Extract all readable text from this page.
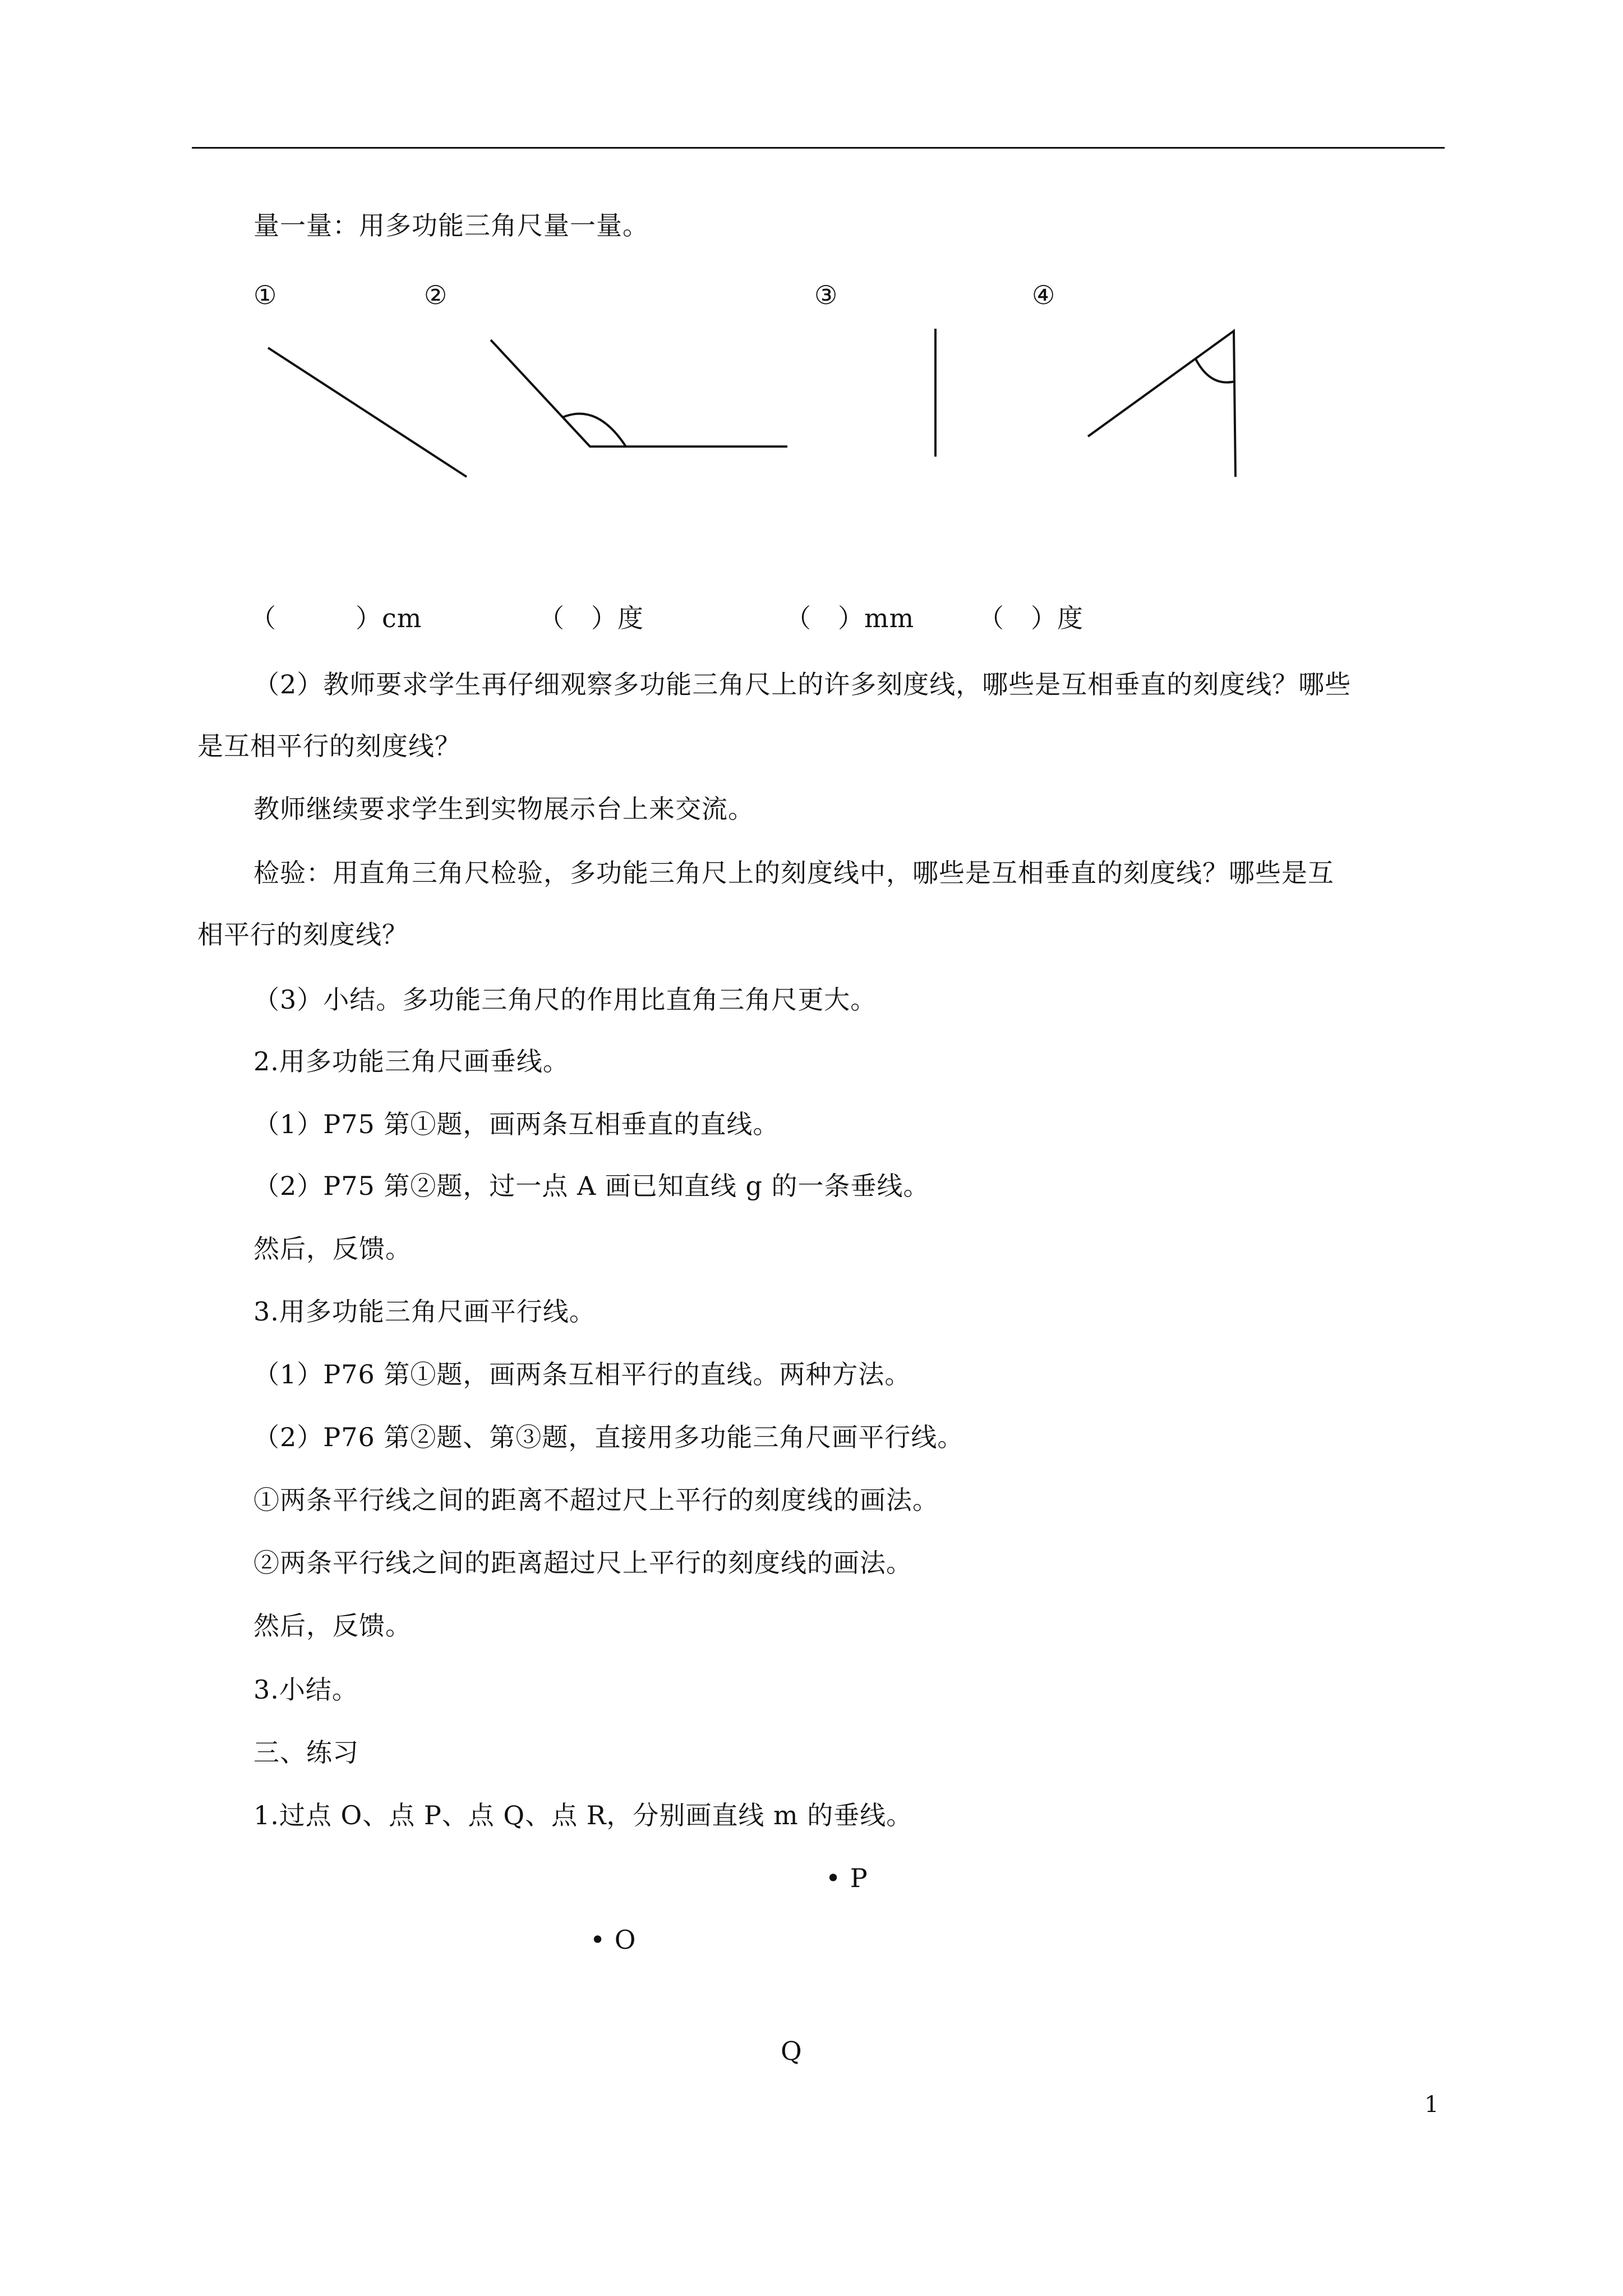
量一量：用多功能三角尺量一量。
①	②	③	④
（　　　）cm	（　）度	（　）mm （　）度
（2）教师要求学生再仔细观察多功能三角尺上的许多刻度线，哪些是互相垂直的刻度线？哪些
是互相平行的刻度线？
教师继续要求学生到实物展示台上来交流。
检验：用直角三角尺检验，多功能三角尺上的刻度线中，哪些是互相垂直的刻度线？哪些是互
相平行的刻度线？
（3）小结。多功能三角尺的作用比直角三角尺更大。
2.用多功能三角尺画垂线。
（1）P75 第①题，画两条互相垂直的直线。
（2）P75 第②题，过一点 A 画已知直线 g 的一条垂线。
然后，反馈。
3.用多功能三角尺画平行线。
（1）P76 第①题，画两条互相平行的直线。两种方法。
（2）P76 第②题、第③题，直接用多功能三角尺画平行线。
①两条平行线之间的距离不超过尺上平行的刻度线的画法。
②两条平行线之间的距离超过尺上平行的刻度线的画法。
然后，反馈。
3.小结。
三、练习
1.过点 O、点 P、点 Q、点 R，分别画直线 m 的垂线。
• P
• O
Q
1
